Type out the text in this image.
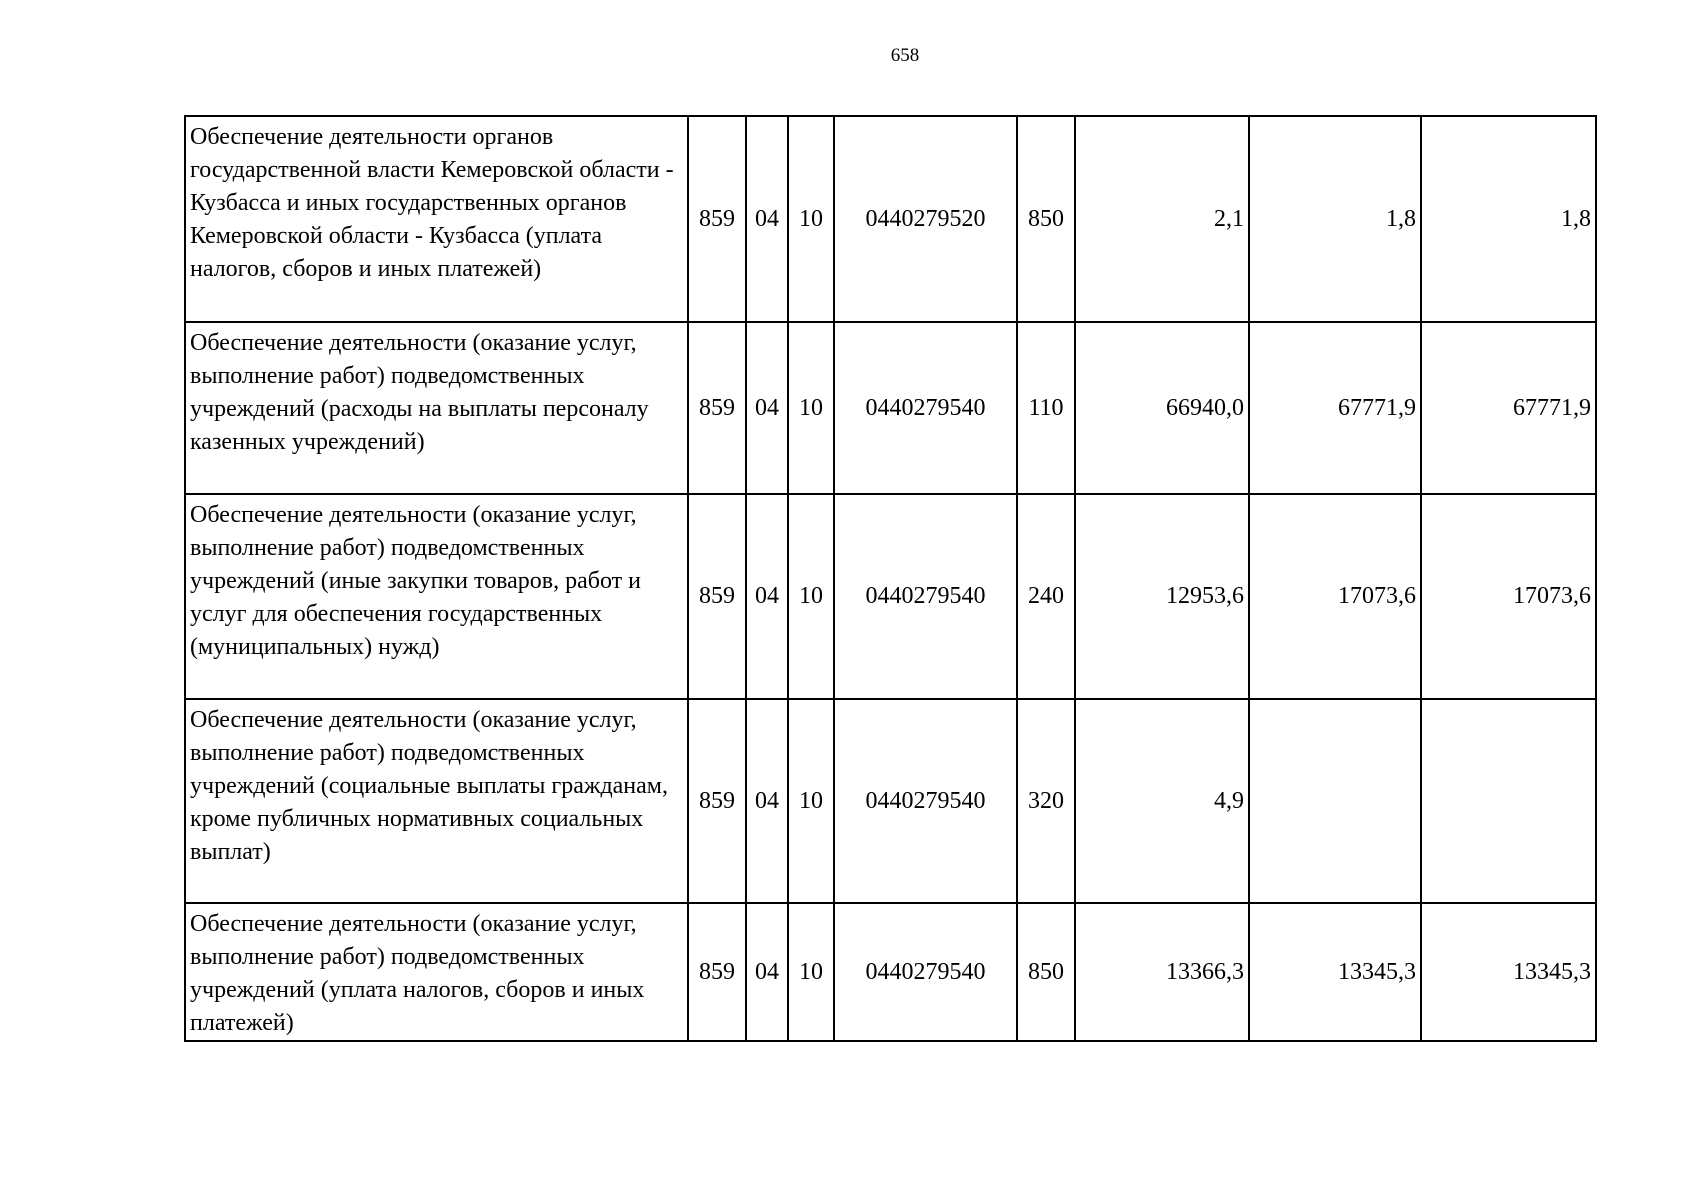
658
Обеспечение деятельности органов государственной власти Кемеровской области - Кузбасса и иных государственных органов Кемеровской области - Кузбасса (уплата налогов, сборов и иных платежей)	859	04	10	0440279520	850	2,1	1,8	1,8
Обеспечение деятельности (оказание услуг, выполнение работ) подведомственных учреждений (расходы на выплаты персоналу казенных учреждений)	859	04	10	0440279540	110	66940,0	67771,9	67771,9
Обеспечение деятельности (оказание услуг, выполнение работ) подведомственных учреждений (иные закупки товаров, работ и услуг для обеспечения государственных (муниципальных) нужд)	859	04	10	0440279540	240	12953,6	17073,6	17073,6
Обеспечение деятельности (оказание услуг, выполнение работ) подведомственных учреждений (социальные выплаты гражданам, кроме публичных нормативных социальных выплат)	859	04	10	0440279540	320	4,9		
Обеспечение деятельности (оказание услуг, выполнение работ) подведомственных учреждений (уплата налогов, сборов и иных платежей)	859	04	10	0440279540	850	13366,3	13345,3	13345,3
